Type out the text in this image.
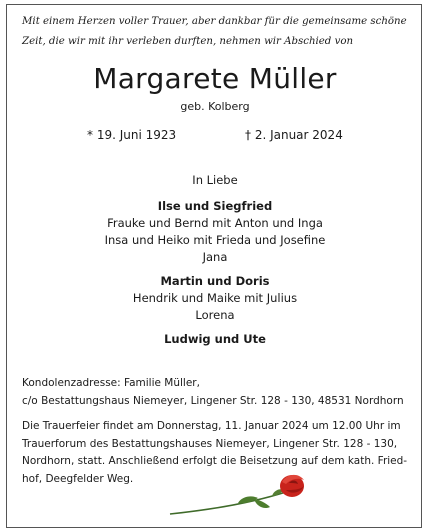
Mit einem Herzen voller Trauer, aber dankbar für die gemeinsame schöne
Zeit, die wir mit ihr verleben durften, nehmen wir Abschied von
Margarete Müller
geb. Kolberg
* 19. Juni 1923	† 2. Januar 2024
In Liebe
Ilse und Siegfried
Frauke und Bernd mit Anton und Inga
Insa und Heiko mit Frieda und Josefine
Jana
Martin und Doris
Hendrik und Maike mit Julius
Lorena
Ludwig und Ute
Kondolenzadresse: Familie Müller,
c/o Bestattungshaus Niemeyer, Lingener Str. 128 - 130, 48531 Nordhorn
Die Trauerfeier findet am Donnerstag, 11. Januar 2024 um 12.00 Uhr im
Trauerforum des Bestattungshauses Niemeyer, Lingener Str. 128 - 130,
Nordhorn, statt. Anschließend erfolgt die Beisetzung auf dem kath. Fried-
hof, Deegfelder Weg.
